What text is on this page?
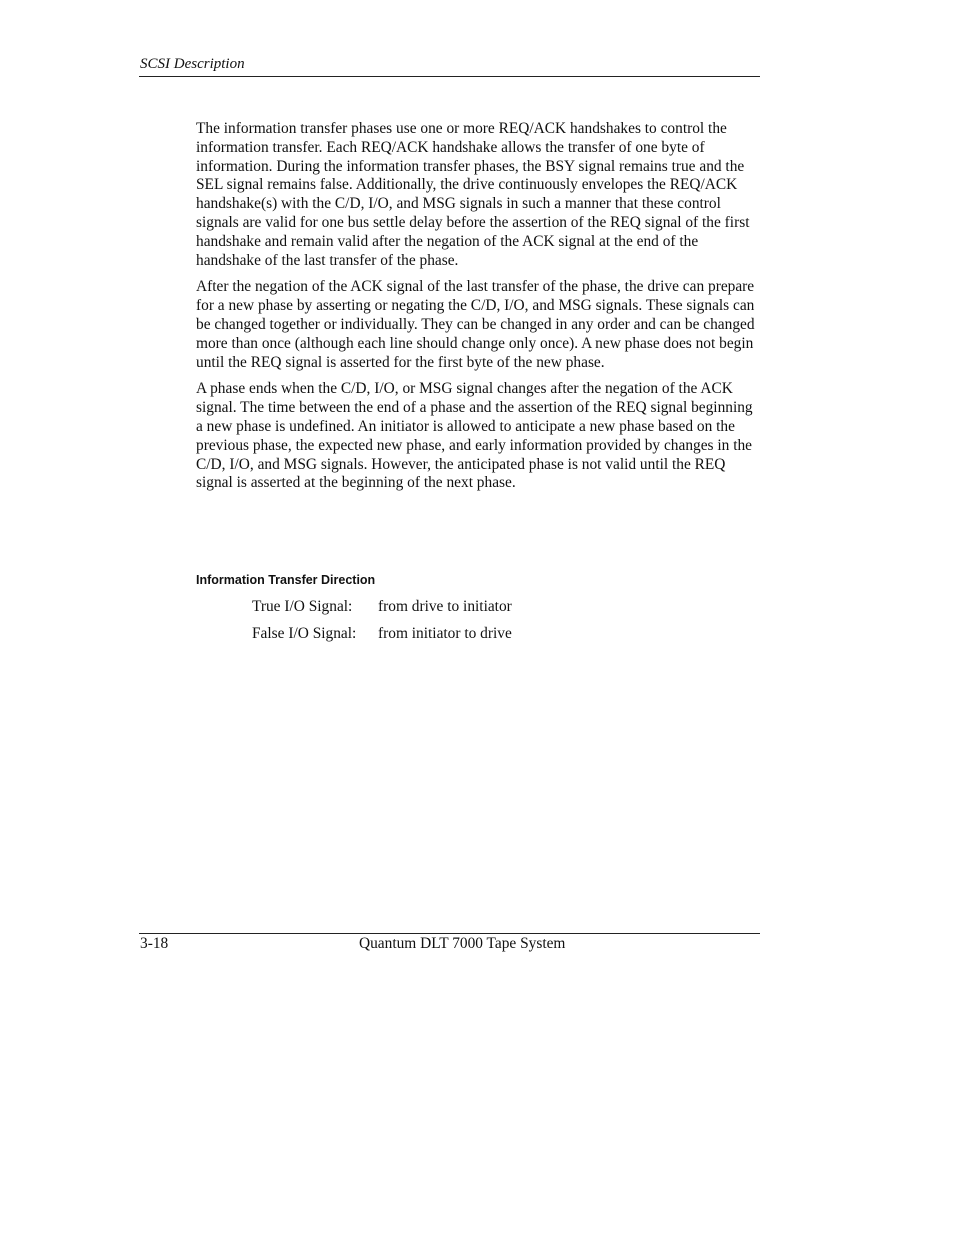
SCSI Description

The information transfer phases use one or more REQ/ACK handshakes to control the information transfer. Each REQ/ACK handshake allows the transfer of one byte of information. During the information transfer phases, the BSY signal remains true and the SEL signal remains false. Additionally, the drive continuously envelopes the REQ/ACK handshake(s) with the C/D, I/O, and MSG signals in such a manner that these control signals are valid for one bus settle delay before the assertion of the REQ signal of the first handshake and remain valid after the negation of the ACK signal at the end of the handshake of the last transfer of the phase.

After the negation of the ACK signal of the last transfer of the phase, the drive can prepare for a new phase by asserting or negating the C/D, I/O, and MSG signals. These signals can be changed together or individually. They can be changed in any order and can be changed more than once (although each line should change only once). A new phase does not begin until the REQ signal is asserted for the first byte of the new phase.

A phase ends when the C/D, I/O, or MSG signal changes after the negation of the ACK signal. The time between the end of a phase and the assertion of the REQ signal beginning a new phase is undefined. An initiator is allowed to anticipate a new phase based on the previous phase, the expected new phase, and early information provided by changes in the C/D, I/O, and MSG signals. However, the anticipated phase is not valid until the REQ signal is asserted at the beginning of the next phase.

Information Transfer Direction
True I/O Signal: from drive to initiator
False I/O Signal: from initiator to drive
3-18	Quantum DLT 7000 Tape System
